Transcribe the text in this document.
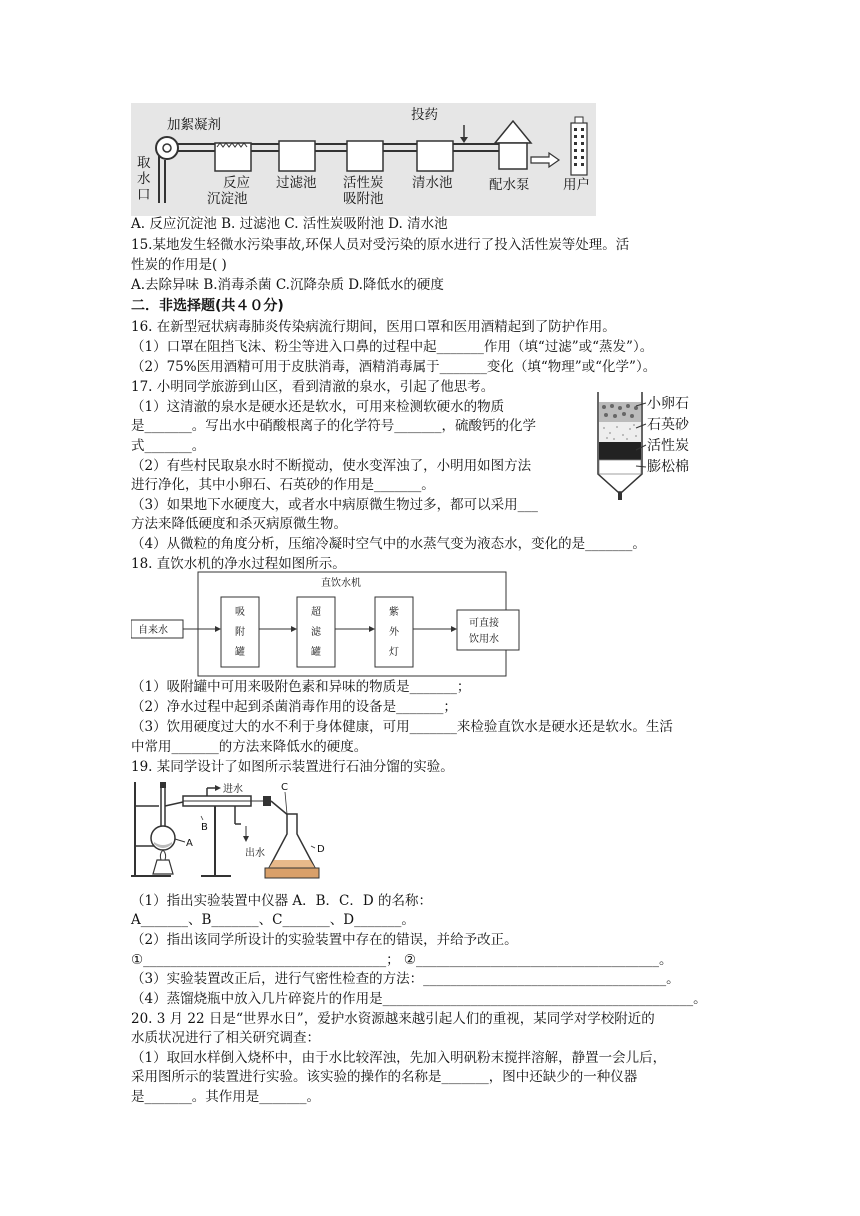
加絮凝剂
投药
取 水 口
反应
沉淀池
过滤池 活性炭
吸附池
清水池	配水泵 用户
A. 反应沉淀池 B. 过滤池 C. 活性炭吸附池 D. 清水池
15.某地发生轻微水污染事故,环保人员对受污染的原水进行了投入活性炭等处理。活
性炭的作用是( )
A.去除异味 B.消毒杀菌 C.沉降杂质 D.降低水的硬度
二．非选择题(共４０分)
16. 在新型冠状病毒肺炎传染病流行期间，医用口罩和医用酒精起到了防护作用。
（1）口罩在阻挡飞沫、粉尘等进入口鼻的过程中起_______作用（填“过滤”或“蒸发”）。
（2）75%医用酒精可用于皮肤消毒，酒精消毒属于_______变化（填“物理”或“化学”）。
17. 小明同学旅游到山区，看到清澈的泉水，引起了他思考。
（1）这清澈的泉水是硬水还是软水，可用来检测软硬水的物质
是_______。写出水中硝酸根离子的化学符号_______，硫酸钙的化学
式_______。
（2）有些村民取泉水时不断搅动，使水变浑浊了，小明用如图方法
进行净化，其中小卵石、石英砂的作用是_______。
（3）如果地下水硬度大，或者水中病原微生物过多，都可以采用___
方法来降低硬度和杀灭病原微生物。
（4）从微粒的角度分析，压缩冷凝时空气中的水蒸气变为液态水，变化的是_______。
小卵石
石英砂
活性炭
膨松棉
18. 直饮水机的净水过程如图所示。
直饮水机
自来水
吸 附 罐
超 滤 罐
紫 外 灯
可直接
饮用水
（1）吸附罐中可用来吸附色素和异味的物质是_______；
（2）净水过程中起到杀菌消毒作用的设备是_______；
（3）饮用硬度过大的水不利于身体健康，可用_______来检验直饮水是硬水还是软水。生活
中常用_______的方法来降低水的硬度。
19. 某同学设计了如图所示装置进行石油分馏的实验。
进水
出水
A
B
C
D
（1）指出实验装置中仪器 A．B．C．D 的名称：
A_______、B_______、C_______、D_______。
（2）指出该同学所设计的实验装置中存在的错误，并给予改正。
①____________________________________； ②____________________________________。
（3）实验装置改正后，进行气密性检查的方法：____________________________________。
（4）蒸馏烧瓶中放入几片碎瓷片的作用是______________________________________________。
20. 3 月 22 日是“世界水日”，爱护水资源越来越引起人们的重视，某同学对学校附近的
水质状况进行了相关研究调查：
（1）取回水样倒入烧杯中，由于水比较浑浊，先加入明矾粉末搅拌溶解，静置一会儿后，
采用图所示的装置进行实验。该实验的操作的名称是_______，图中还缺少的一种仪器
是_______。其作用是_______。
